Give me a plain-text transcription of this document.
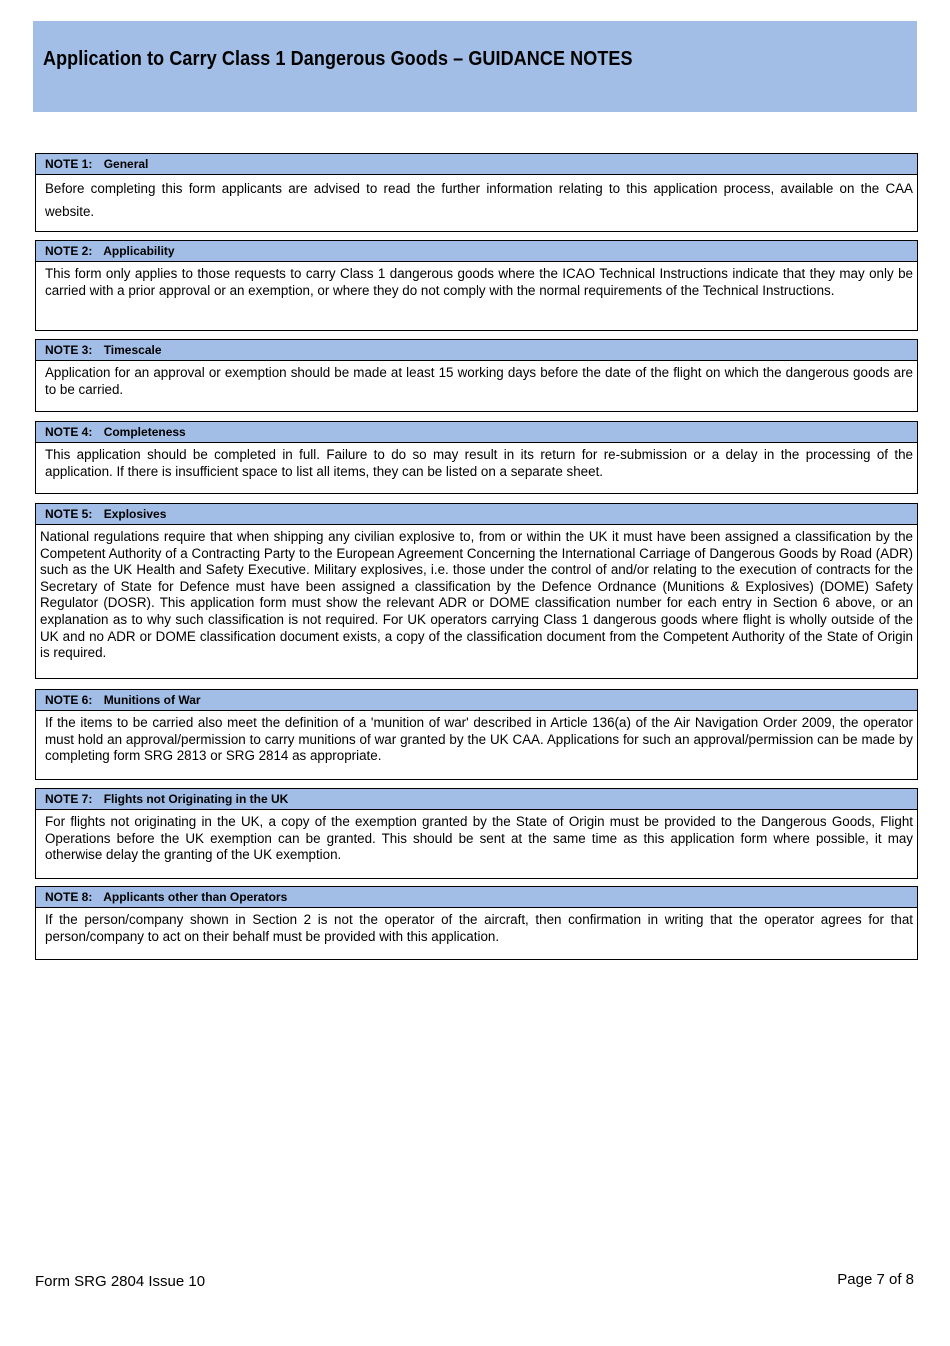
Application to Carry Class 1 Dangerous Goods – GUIDANCE NOTES
NOTE 1: General
Before completing this form applicants are advised to read the further information relating to this application process, available on the CAA website.
NOTE 2: Applicability
This form only applies to those requests to carry Class 1 dangerous goods where the ICAO Technical Instructions indicate that they may only be carried with a prior approval or an exemption, or where they do not comply with the normal requirements of the Technical Instructions.
NOTE 3: Timescale
Application for an approval or exemption should be made at least 15 working days before the date of the flight on which the dangerous goods are to be carried.
NOTE 4: Completeness
This application should be completed in full. Failure to do so may result in its return for re-submission or a delay in the processing of the application. If there is insufficient space to list all items, they can be listed on a separate sheet.
NOTE 5: Explosives
National regulations require that when shipping any civilian explosive to, from or within the UK it must have been assigned a classification by the Competent Authority of a Contracting Party to the European Agreement Concerning the International Carriage of Dangerous Goods by Road (ADR) such as the UK Health and Safety Executive. Military explosives, i.e. those under the control of and/or relating to the execution of contracts for the Secretary of State for Defence must have been assigned a classification by the Defence Ordnance (Munitions & Explosives) (DOME) Safety Regulator (DOSR). This application form must show the relevant ADR or DOME classification number for each entry in Section 6 above, or an explanation as to why such classification is not required. For UK operators carrying Class 1 dangerous goods where flight is wholly outside of the UK and no ADR or DOME classification document exists, a copy of the classification document from the Competent Authority of the State of Origin is required.
NOTE 6: Munitions of War
If the items to be carried also meet the definition of a 'munition of war' described in Article 136(a) of the Air Navigation Order 2009, the operator must hold an approval/permission to carry munitions of war granted by the UK CAA. Applications for such an approval/permission can be made by completing form SRG 2813 or SRG 2814 as appropriate.
NOTE 7: Flights not Originating in the UK
For flights not originating in the UK, a copy of the exemption granted by the State of Origin must be provided to the Dangerous Goods, Flight Operations before the UK exemption can be granted. This should be sent at the same time as this application form where possible, it may otherwise delay the granting of the UK exemption.
NOTE 8: Applicants other than Operators
If the person/company shown in Section 2 is not the operator of the aircraft, then confirmation in writing that the operator agrees for that person/company to act on their behalf must be provided with this application.
Form SRG 2804 Issue 10	Page 7 of 8
